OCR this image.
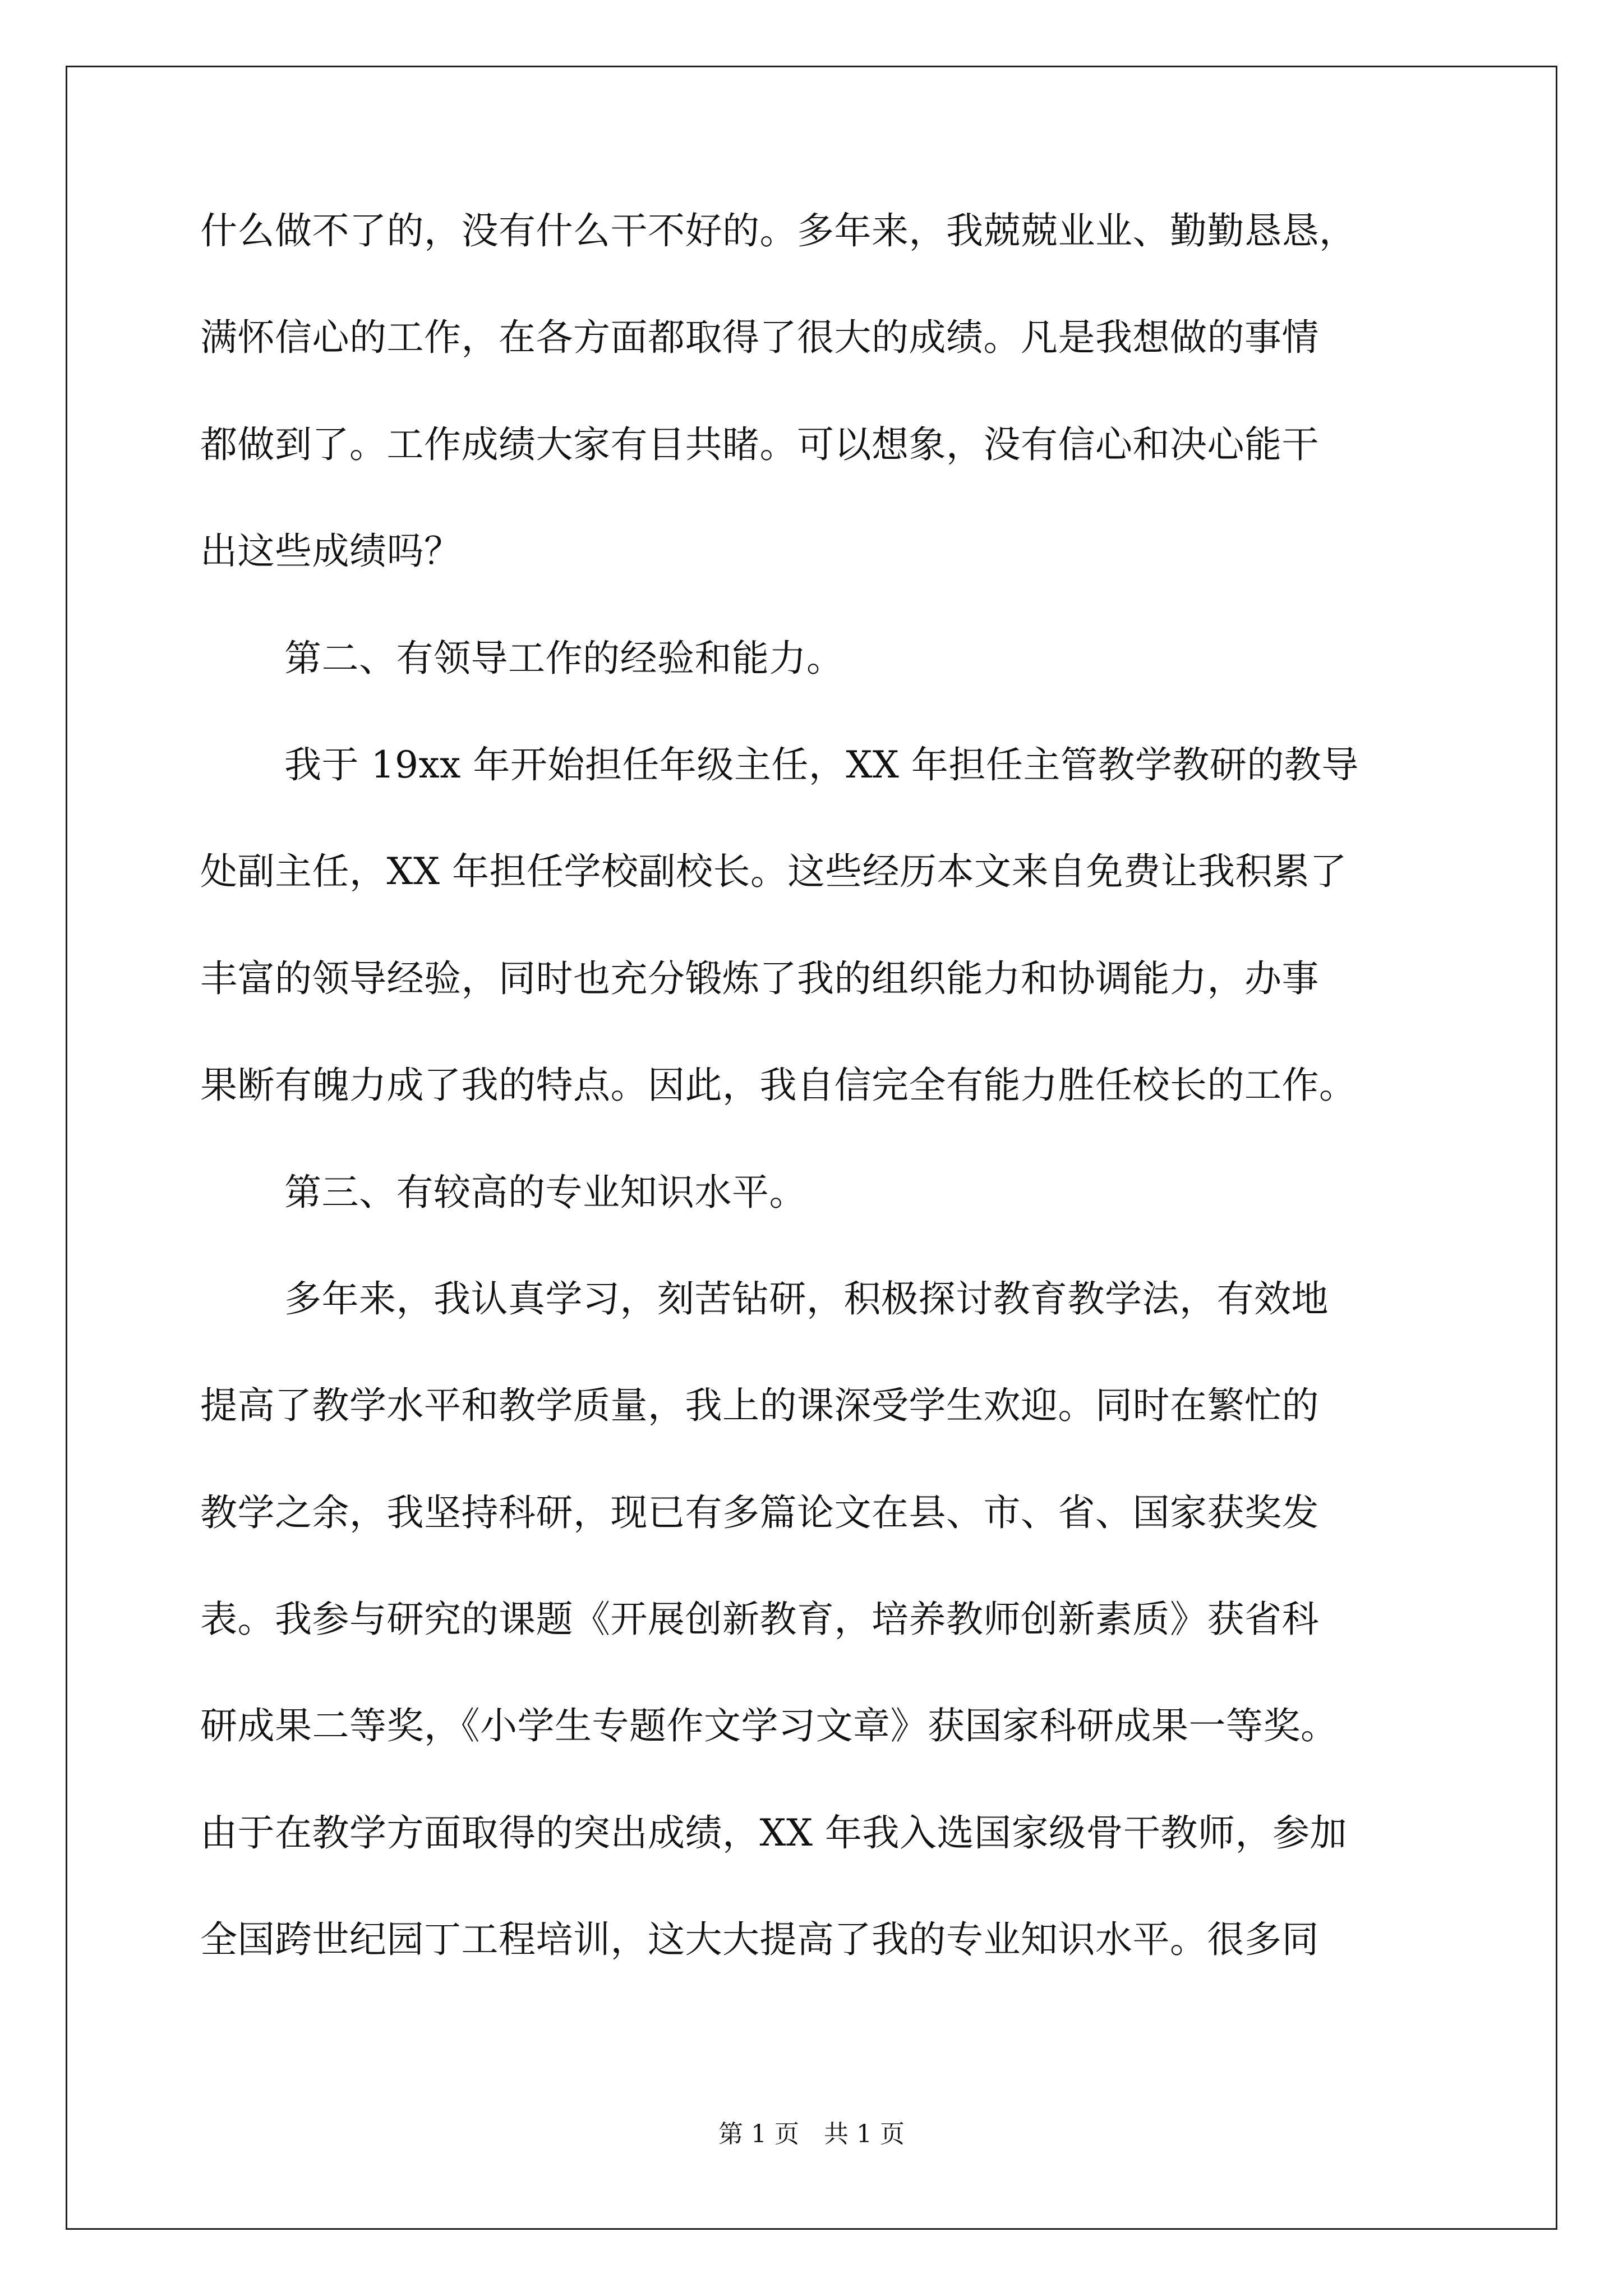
什么做不了的，没有什么干不好的。多年来，我兢兢业业、勤勤恳恳，
满怀信心的工作，在各方面都取得了很大的成绩。凡是我想做的事情
都做到了。工作成绩大家有目共睹。可以想象，没有信心和决心能干
出这些成绩吗？
第二、有领导工作的经验和能力。
我于 19xx 年开始担任年级主任，XX 年担任主管教学教研的教导
处副主任，XX 年担任学校副校长。这些经历本文来自免费让我积累了
丰富的领导经验，同时也充分锻炼了我的组织能力和协调能力，办事
果断有魄力成了我的特点。因此，我自信完全有能力胜任校长的工作。
第三、有较高的专业知识水平。
多年来，我认真学习，刻苦钻研，积极探讨教育教学法，有效地
提高了教学水平和教学质量，我上的课深受学生欢迎。同时在繁忙的
教学之余，我坚持科研，现已有多篇论文在县、市、省、国家获奖发
表。我参与研究的课题《开展创新教育，培养教师创新素质》获省科
研成果二等奖，《小学生专题作文学习文章》获国家科研成果一等奖。
由于在教学方面取得的突出成绩，XX 年我入选国家级骨干教师，参加
全国跨世纪园丁工程培训，这大大提高了我的专业知识水平。很多同
第 1 页　共 1 页
